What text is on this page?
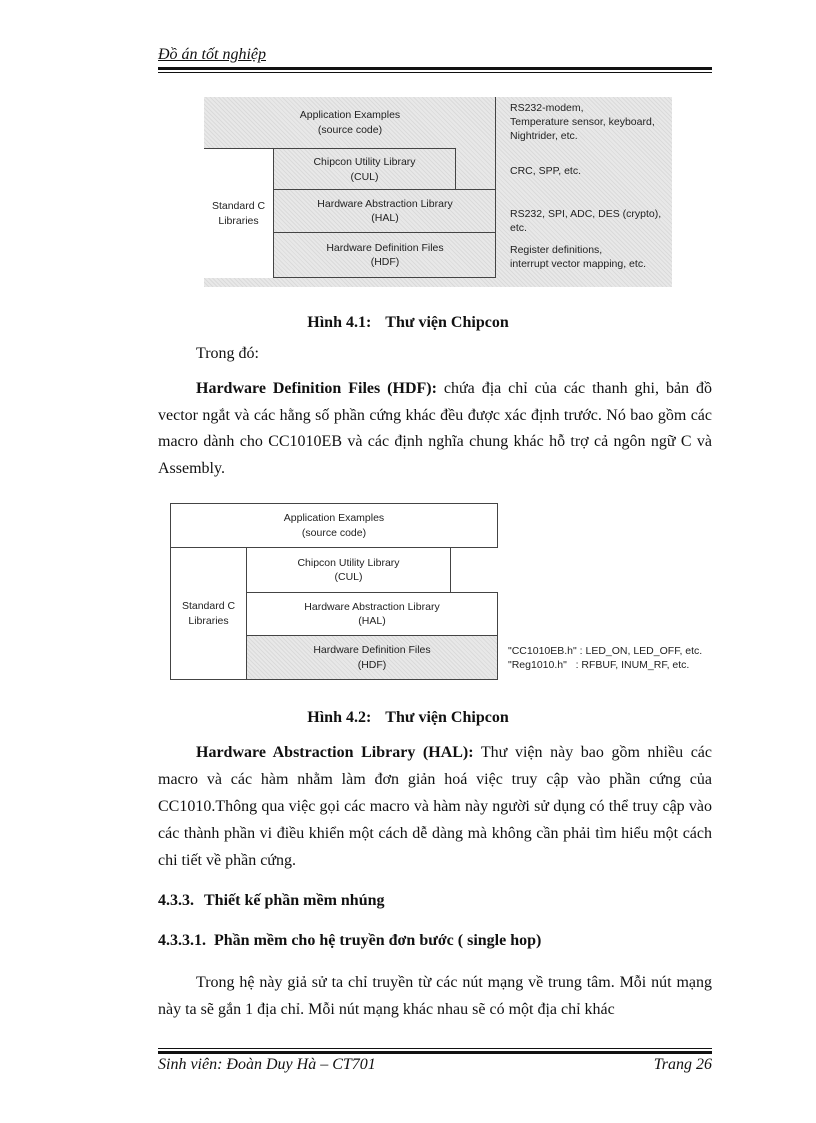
Đồ án tốt nghiệp
Application Examples
(source code)
Standard C
Libraries
Chipcon Utility Library
(CUL)
Hardware Abstraction Library
(HAL)
Hardware Definition Files
(HDF)
RS232-modem,
Temperature sensor, keyboard,
Nightrider, etc.
CRC, SPP, etc.
RS232, SPI, ADC, DES (crypto), etc.
Register definitions,
interrupt vector mapping, etc.
Hình 4.1: Thư viện Chipcon
Trong đó:
Hardware Definition Files (HDF): chứa địa chỉ của các thanh ghi, bản đồ vector ngắt và các hằng số phần cứng khác đều được xác định trước. Nó bao gồm các macro dành cho CC1010EB và các định nghĩa chung khác hỗ trợ cả ngôn ngữ C và Assembly.
Application Examples
(source code)
Standard C
Libraries
Chipcon Utility Library
(CUL)
Hardware Abstraction Library
(HAL)
Hardware Definition Files
(HDF)
"CC1010EB.h" : LED_ON, LED_OFF, etc.
"Reg1010.h"   : RFBUF, INUM_RF, etc.
Hình 4.2: Thư viện Chipcon
Hardware Abstraction Library (HAL): Thư viện này bao gồm nhiều các macro và các hàm nhằm làm đơn giản hoá việc truy cập vào phần cứng của CC1010.Thông qua việc gọi các macro và hàm này người sử dụng có thể truy cập vào các thành phần vi điều khiển một cách dễ dàng mà không cần phải tìm hiểu một cách chi tiết về phần cứng.
4.3.3. Thiết kế phần mềm nhúng
4.3.3.1. Phần mềm cho hệ truyền đơn bước ( single hop)
Trong hệ này giả sử ta chỉ truyền từ các nút mạng về trung tâm. Mỗi nút mạng này ta sẽ gắn 1 địa chỉ. Mỗi nút mạng khác nhau sẽ có một địa chỉ khác
Sinh viên: Đoàn Duy Hà – CT701	Trang 26
